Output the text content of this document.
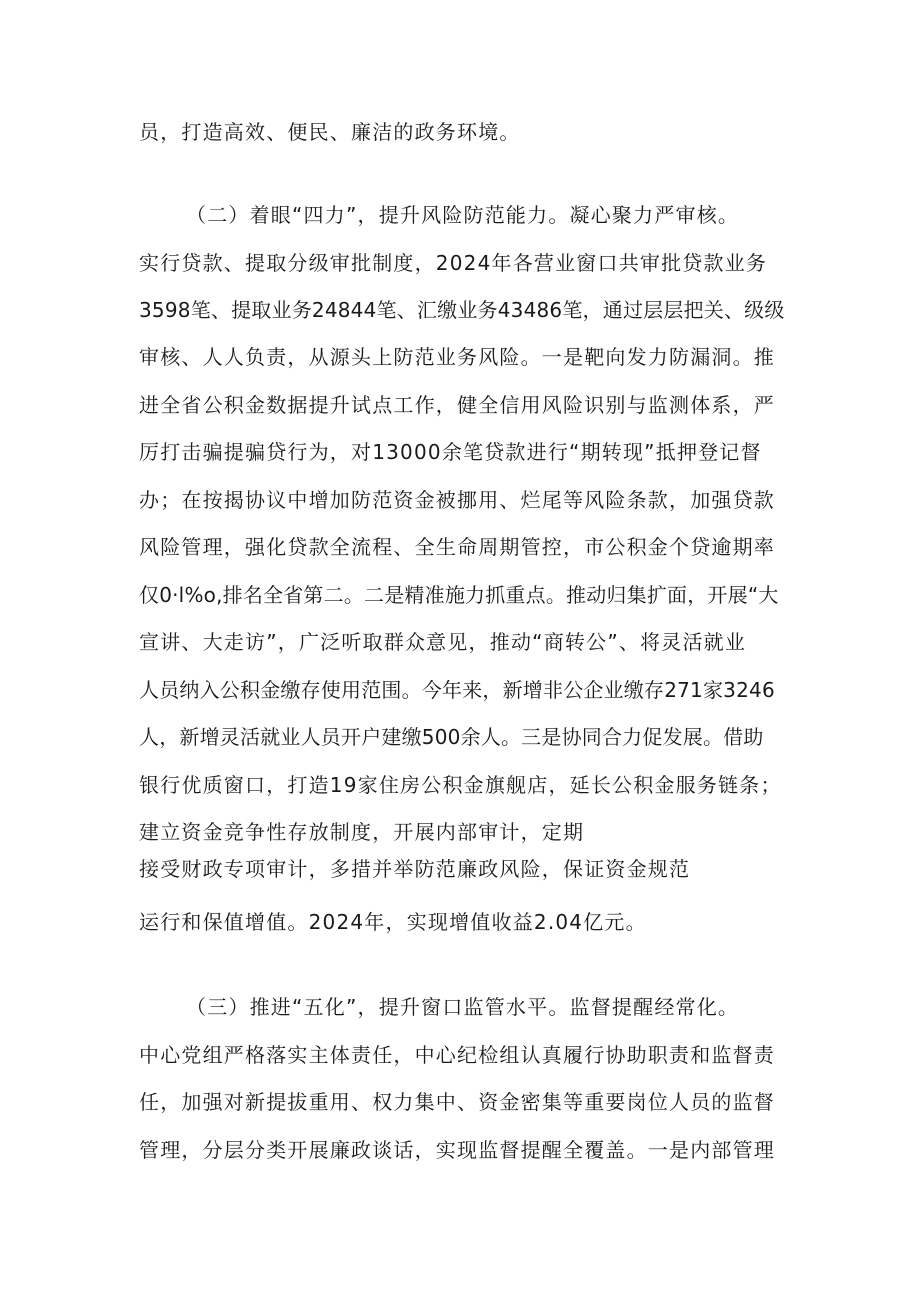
员，打造高效、便民、廉洁的政务环境。
（二）着眼“四力”，提升风险防范能力。凝心聚力严审核。
实行贷款、提取分级审批制度，2024年各营业窗口共审批贷款业务
3598笔、提取业务24844笔、汇缴业务43486笔，通过层层把关、级级
审核、人人负责，从源头上防范业务风险。一是靶向发力防漏洞。推
进全省公积金数据提升试点工作，健全信用风险识别与监测体系，严
厉打击骗提骗贷行为，对13000余笔贷款进行“期转现”抵押登记督
办；在按揭协议中增加防范资金被挪用、烂尾等风险条款，加强贷款
风险管理，强化贷款全流程、全生命周期管控，市公积金个贷逾期率
仅0·l%o,排名全省第二。二是精准施力抓重点。推动归集扩面，开展“大
宣讲、大走访”，广泛听取群众意见，推动“商转公”、将灵活就业
人员纳入公积金缴存使用范围。今年来，新增非公企业缴存271家3246
人，新增灵活就业人员开户建缴500余人。三是协同合力促发展。借助
银行优质窗口，打造19家住房公积金旗舰店，延长公积金服务链条；
建立资金竞争性存放制度，开展内部审计，定期
接受财政专项审计，多措并举防范廉政风险，保证资金规范
运行和保值增值。2024年，实现增值收益2.04亿元。
（三）推进“五化”，提升窗口监管水平。监督提醒经常化。
中心党组严格落实主体责任，中心纪检组认真履行协助职责和监督责
任，加强对新提拔重用、权力集中、资金密集等重要岗位人员的监督
管理，分层分类开展廉政谈话，实现监督提醒全覆盖。一是内部管理
